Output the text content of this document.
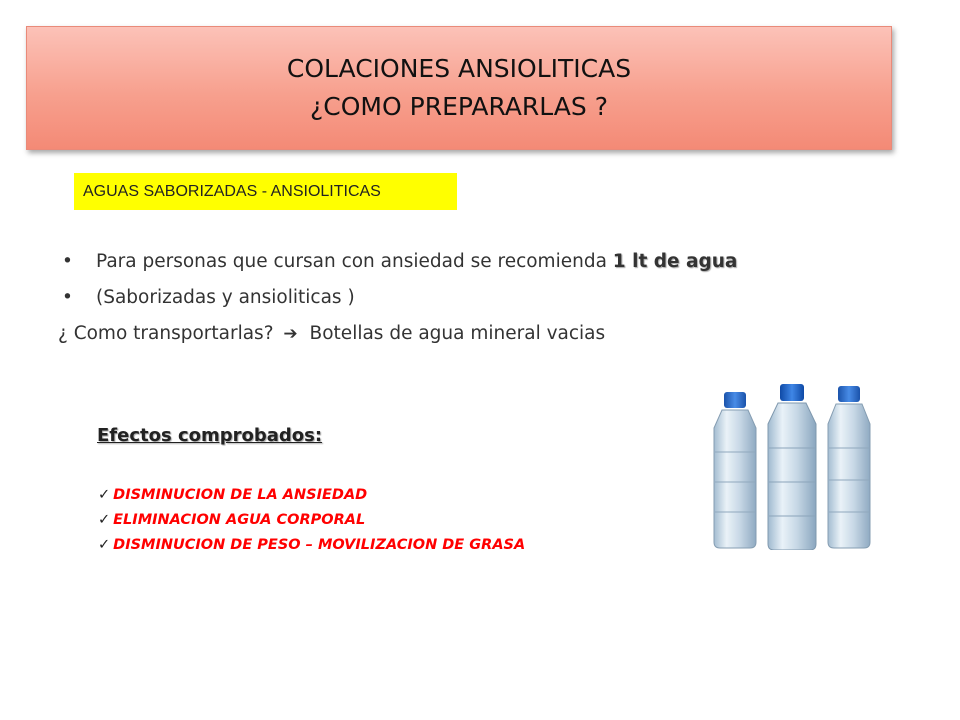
COLACIONES ANSIOLITICAS
¿COMO PREPARARLAS ?
AGUAS SABORIZADAS - ANSIOLITICAS
• Para personas que cursan con ansiedad se recomienda 1 lt de agua
• (Saborizadas y ansioliticas )
¿ Como transportarlas? ➔ Botellas de agua mineral vacias
Efectos comprobados:
✓ DISMINUCION DE LA ANSIEDAD
✓ ELIMINACION AGUA CORPORAL
✓ DISMINUCION DE PESO – MOVILIZACION DE GRASA
